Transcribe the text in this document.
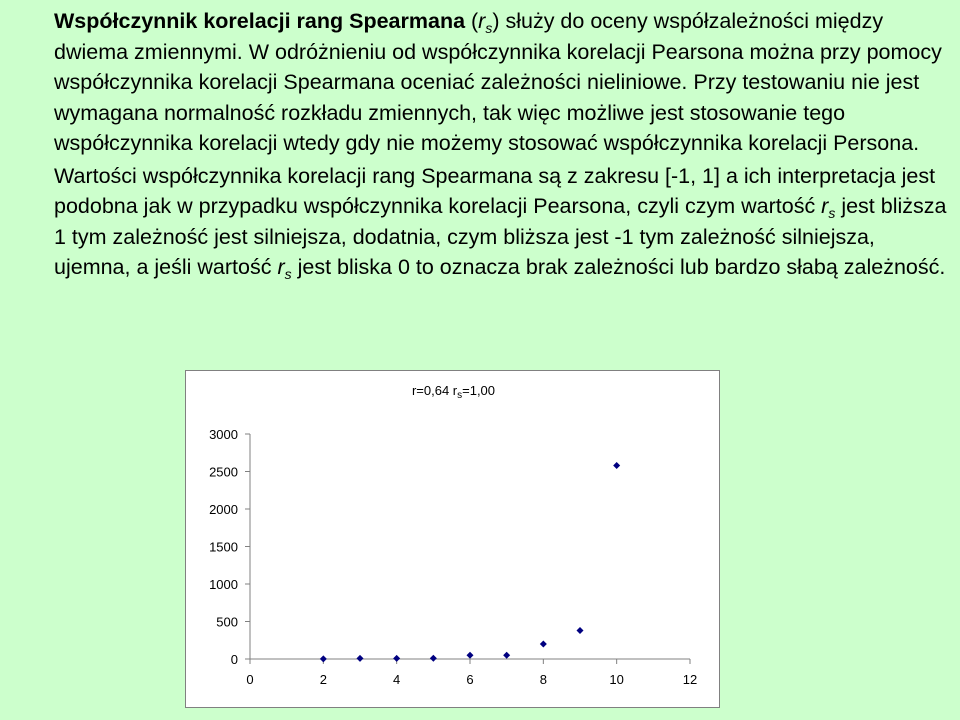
Współczynnik korelacji rang Spearmana $(r_s)$ służy do oceny współzależności między dwiema zmiennymi. W odróżnieniu od współczynnika korelacji Pearsona można przy pomocy współczynnika korelacji Spearmana oceniać zależności nieliniowe. Przy testowaniu nie jest wymagana normalność rozkładu zmiennych, tak więc możliwe jest stosowanie tego współczynnika korelacji wtedy gdy nie możemy stosować współczynnika korelacji Persona.

Wartości współczynnika korelacji rang Spearmana są z zakresu [-1, 1] a ich interpretacja jest podobna jak w przypadku współczynnika korelacji Pearsona, czyli czym wartość $r_s$ jest bliższa 1 tym zależność jest silniejsza, dodatnia, czym bliższa jest -1 tym zależność silniejsza, ujemna, a jeśli wartość $r_s$ jest bliska 0 to oznacza brak zależności lub bardzo słabą zależność.

r=0,64 $r_s=1,00$
0
500
1000
1500
2000
2500
3000
0	2	4	6	8	10	12
